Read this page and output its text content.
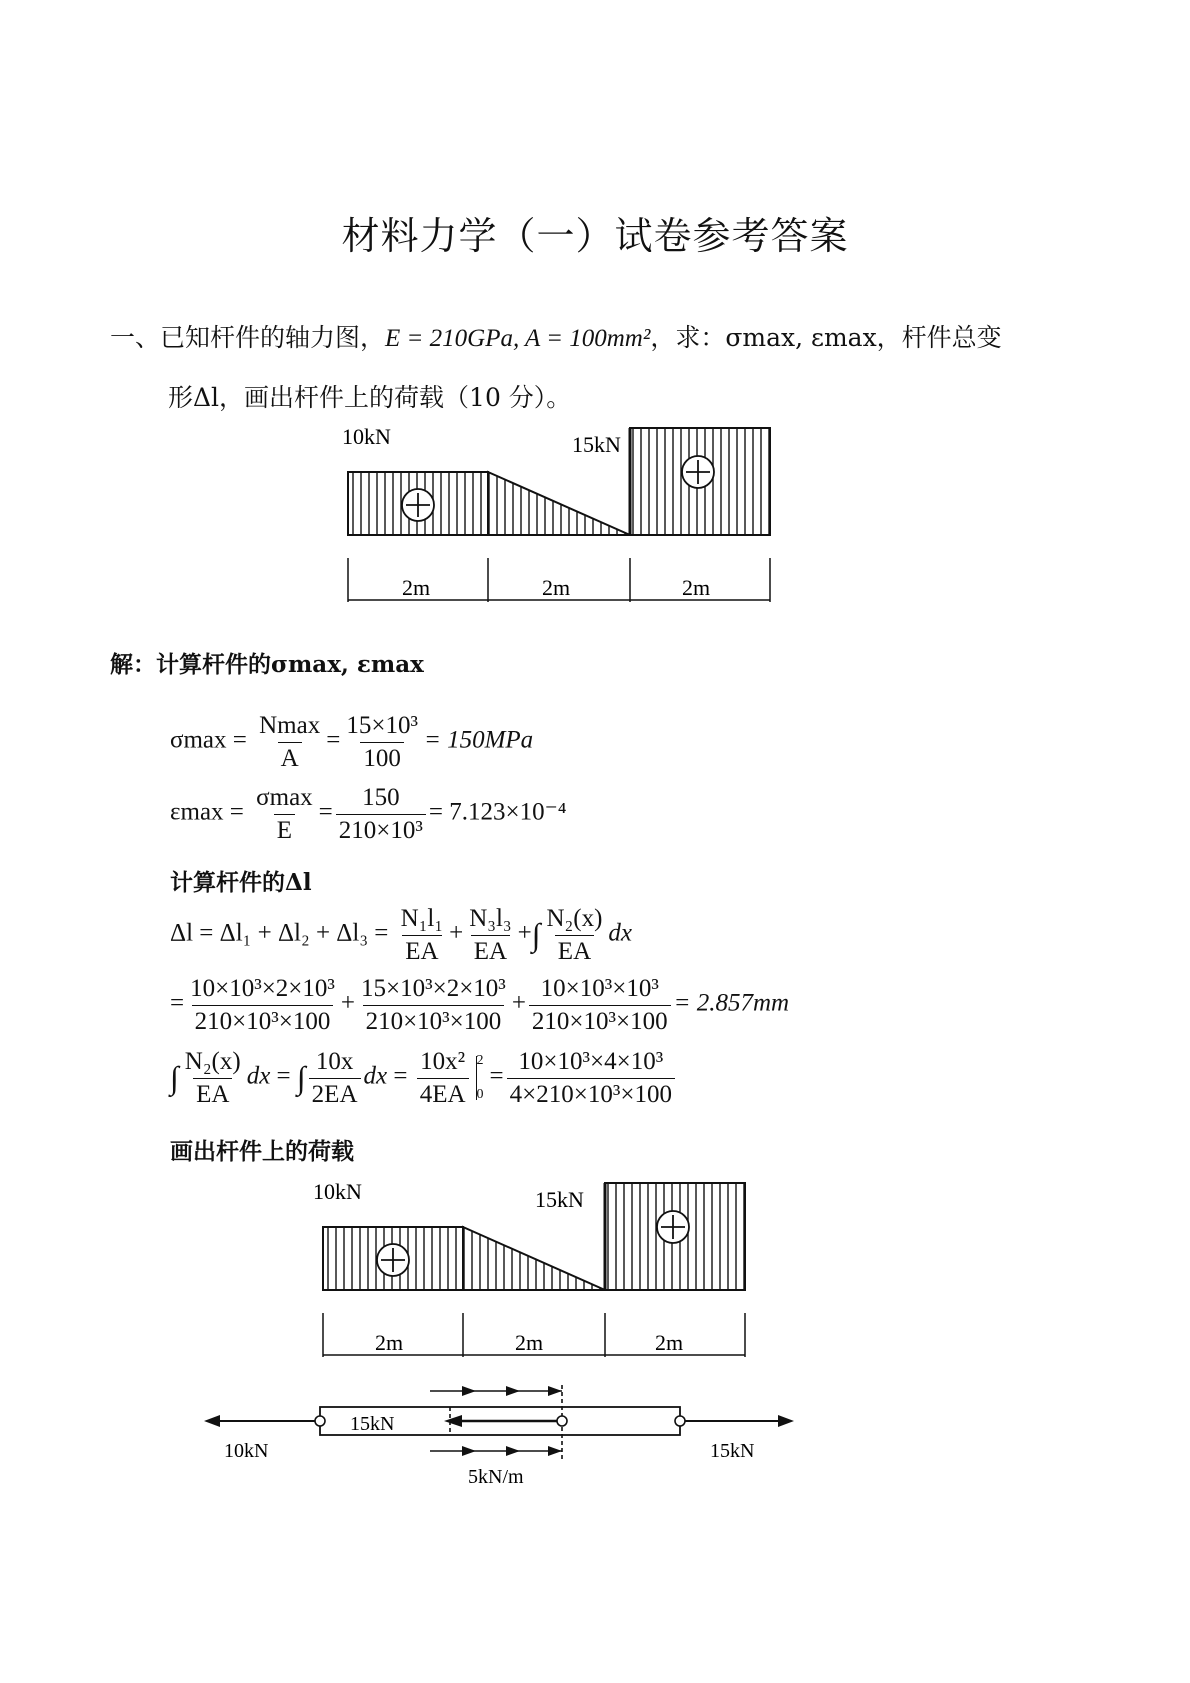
材料力学（一）试卷参考答案
一、已知杆件的轴力图，E = 210GPa, A = 100mm²，求：σmax, εmax，杆件总变
形Δl，画出杆件上的荷载（10 分）。
10kN	15kN
2m	2m	2m
解：计算杆件的σmax, εmax
$\sigma\max = \frac{Nmax}{A} = \frac{\text{15×10³}}{100} = 150MPa$
$\varepsilon\max = \frac{\sigma\max}{E} = \frac{150}{\text{210×10³}} = 7.123\times 10^{-4}$
计算杆件的Δl
$\Delta l = \Delta l_1 + \Delta l_2 + \Delta l_3 = \frac{\text{N₁l₁}}{EA} + \frac{\text{N₃l₃}}{EA}$ +∫ $\frac{\text{N₂(x)}}{EA}$ dx
= $\frac{\text{10×10³×2×10³}}{\text{210×10³×100}} + \frac{\text{15×10³×2×10³}}{\text{210×10³×100}} + \frac{\text{10×10³×10³}}{\text{210×10³×100}} = 2.857mm$
∫ $\frac{\text{N₂(x)}}{EA}$ dx = ∫ $\frac{10x}{2EA}$ dx = $\frac{\text{10x²}}{4EA} 2$
0
= $\frac{\text{10×10³×4×10³}}{\text{4×210×10³×100}}$
画出杆件上的荷载
10kN	15kN
2m	2m	2m
10kN
15kN
15kN
5kN/m
